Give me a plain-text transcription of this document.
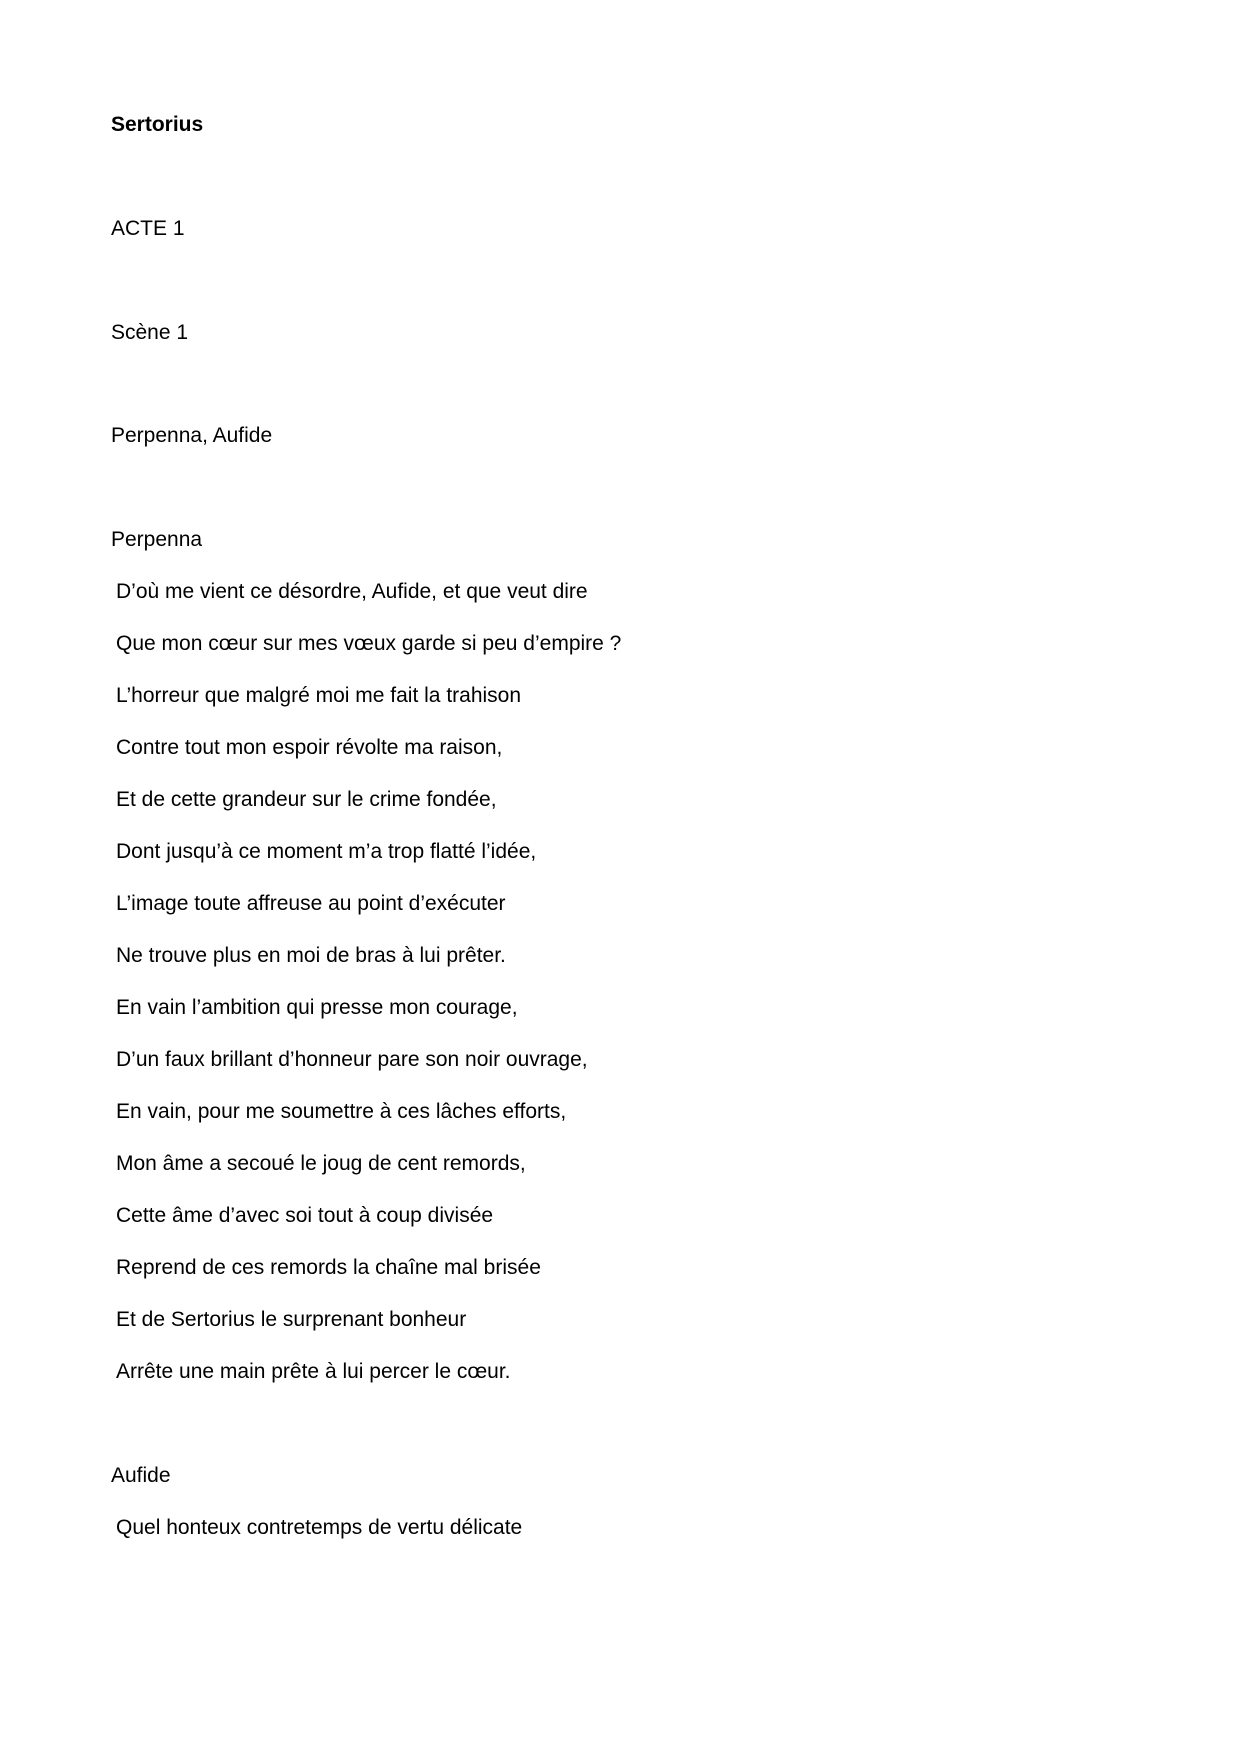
Sertorius
ACTE 1
Scène 1
Perpenna, Aufide
Perpenna
D’où me vient ce désordre, Aufide, et que veut dire
Que mon cœur sur mes vœux garde si peu d’empire ?
L’horreur que malgré moi me fait la trahison
Contre tout mon espoir révolte ma raison,
Et de cette grandeur sur le crime fondée,
Dont jusqu’à ce moment m’a trop flatté l’idée,
L’image toute affreuse au point d’exécuter
Ne trouve plus en moi de bras à lui prêter.
En vain l’ambition qui presse mon courage,
D’un faux brillant d’honneur pare son noir ouvrage,
En vain, pour me soumettre à ces lâches efforts,
Mon âme a secoué le joug de cent remords,
Cette âme d’avec soi tout à coup divisée
Reprend de ces remords la chaîne mal brisée
Et de Sertorius le surprenant bonheur
Arrête une main prête à lui percer le cœur.
Aufide
Quel honteux contretemps de vertu délicate
